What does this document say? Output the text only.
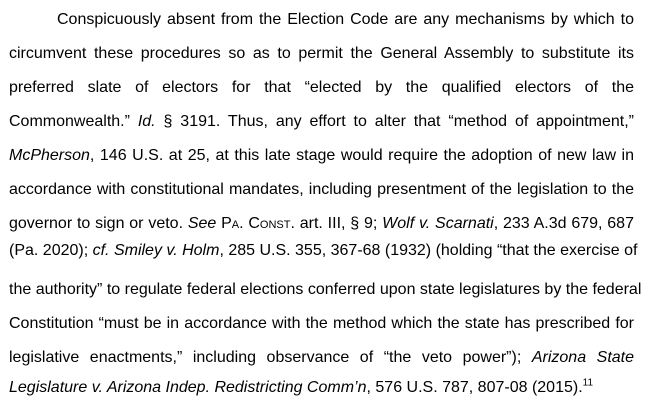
Conspicuously absent from the Election Code are any mechanisms by which to
circumvent these procedures so as to permit the General Assembly to substitute its
preferred slate of electors for that “elected by the qualified electors of the
Commonwealth.” Id. § 3191. Thus, any effort to alter that “method of appointment,”
McPherson, 146 U.S. at 25, at this late stage would require the adoption of new law in
accordance with constitutional mandates, including presentment of the legislation to the
governor to sign or veto. See Pa. Const. art. III, § 9; Wolf v. Scarnati, 233 A.3d 679, 687
(Pa. 2020); cf. Smiley v. Holm, 285 U.S. 355, 367-68 (1932) (holding “that the exercise of
the authority” to regulate federal elections conferred upon state legislatures by the federal
Constitution “must be in accordance with the method which the state has prescribed for
legislative enactments,” including observance of “the veto power”); Arizona State
Legislature v. Arizona Indep. Redistricting Comm’n, 576 U.S. 787, 807-08 (2015).$^{11}$
